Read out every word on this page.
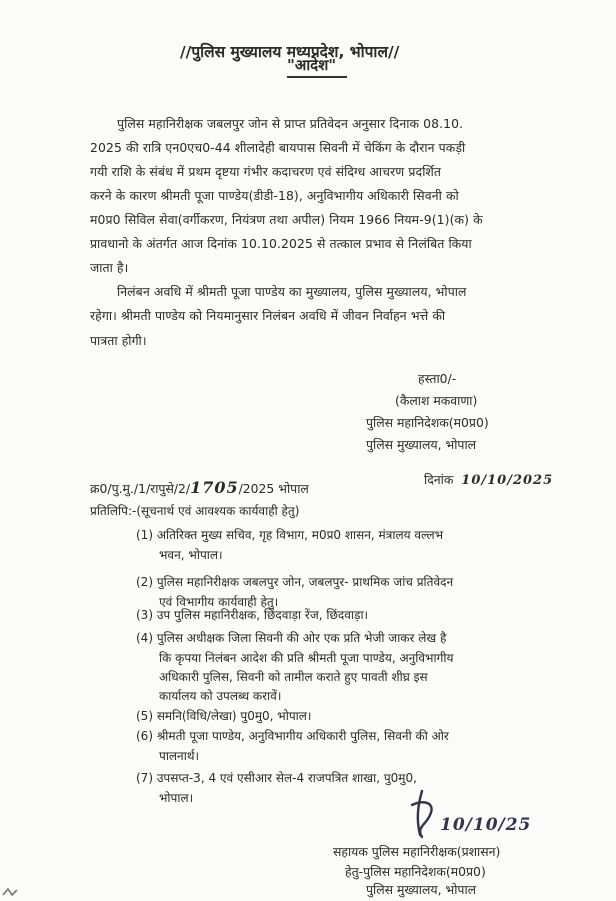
//पुलिस मुख्यालय मध्यप्रदेश, भोपाल//
"आदेश"
पुलिस महानिरीक्षक जबलपुर जोन से प्राप्त प्रतिवेदन अनुसार दिनाक 08.10.
2025 की रात्रि एन0एच0-44 शीलादेही बायपास सिवनी में चेकिंग के दौरान पकड़ी
गयी राशि के संबंध में प्रथम दृष्टया गंभीर कदाचरण एवं संदिग्ध आचरण प्रदर्शित
करने के कारण श्रीमती पूजा पाण्डेय(डीडी-18), अनुविभागीय अधिकारी सिवनी को
म0प्र0 सिविल सेवा(वर्गीकरण, नियंत्रण तथा अपील) नियम 1966 नियम-9(1)(क) के
प्रावधानो के अंतर्गत आज दिनांक 10.10.2025 से तत्काल प्रभाव से निलंबित किया
जाता है।
निलंबन अवधि में श्रीमती पूजा पाण्डेय का मुख्यालय, पुलिस मुख्यालय, भोपाल
रहेगा। श्रीमती पाण्डेय को नियमानुसार निलंबन अवधि में जीवन निर्वाहन भत्ते की
पात्रता होगी।
हस्ता0/-
(कैलाश मकवाणा)
पुलिस महानिदेशक(म0प्र0)
पुलिस मुख्यालय, भोपाल
क्र0/पु.मु./1/रापुसे/2/1705/2025 भोपाल
दिनांक 10/10/2025
प्रतिलिपि:-(सूचनार्थ एवं आवश्यक कार्यवाही हेतु)
(1) अतिरिक्त मुख्य सचिव, गृह विभाग, म0प्र0 शासन, मंत्रालय वल्लभ
भवन, भोपाल।
(2) पुलिस महानिरीक्षक जबलपुर जोन, जबलपुर- प्राथमिक जांच प्रतिवेदन
एवं विभागीय कार्यवाही हेतु।
(3) उप पुलिस महानिरीक्षक, छिंदवाड़ा रेंज, छिंदवाड़ा।
(4) पुलिस अधीक्षक जिला सिवनी की ओर एक प्रति भेजी जाकर लेख है
कि कृपया निलंबन आदेश की प्रति श्रीमती पूजा पाण्डेय, अनुविभागीय
अधिकारी पुलिस, सिवनी को तामील कराते हुए पावती शीघ्र इस
कार्यालय को उपलब्ध करावें।
(5) समनि(विधि/लेखा) पु0मु0, भोपाल।
(6) श्रीमती पूजा पाण्डेय, अनुविभागीय अधिकारी पुलिस, सिवनी की ओर
पालनार्थ।
(7) उपसप्त-3, 4 एवं एसीआर सेल-4 राजपत्रित शाखा, पु0मु0,
भोपाल।
10/10/25
सहायक पुलिस महानिरीक्षक(प्रशासन)
हेतु-पुलिस महानिदेशक(म0प्र0)
पुलिस मुख्यालय, भोपाल
